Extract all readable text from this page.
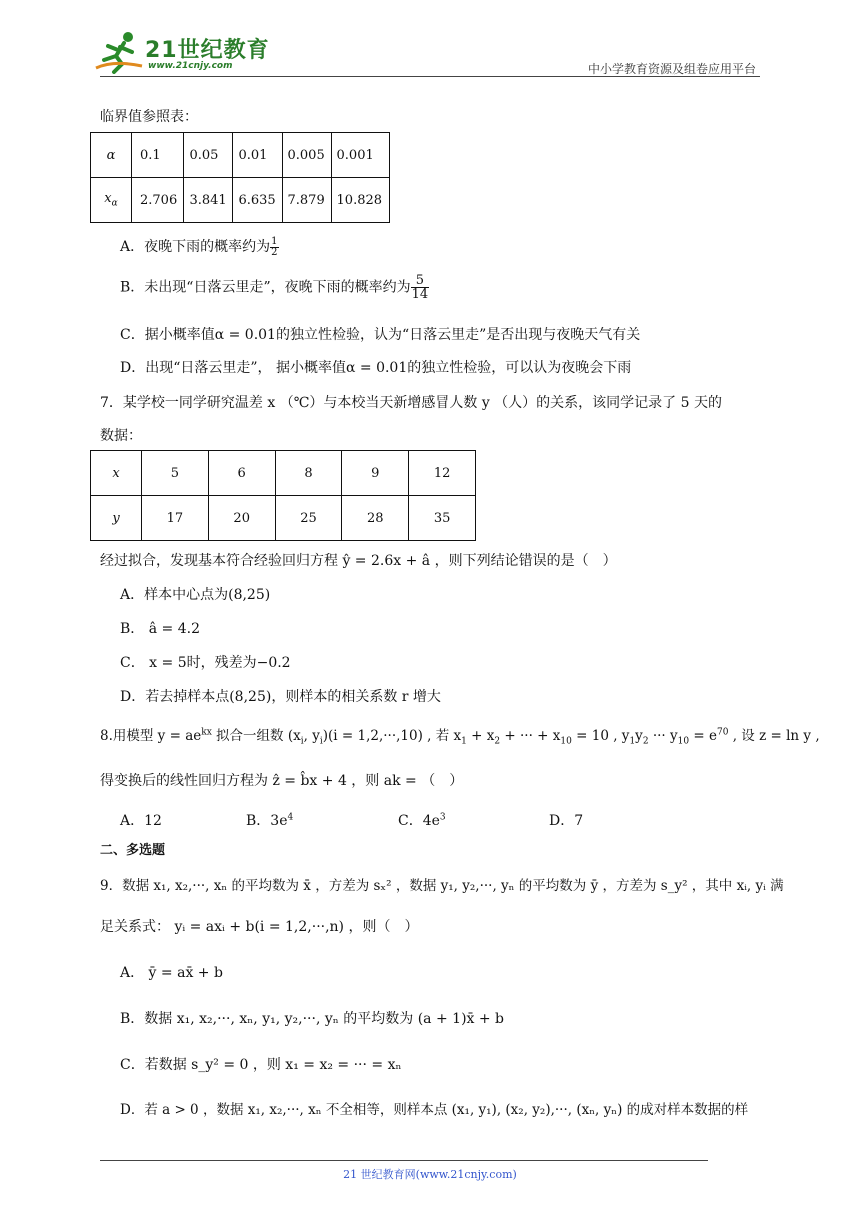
21世纪教育
www.21cnjy.com	中小学教育资源及组卷应用平台
临界值参照表：
α	0.1	0.05	0.01	0.005	0.001
$x_\alpha$	2.706	3.841	6.635	7.879	10.828
A．夜晚下雨的概率约为 $\frac{1}{2}$
B．未出现“日落云里走”，夜晚下雨的概率约为 $\frac{5}{14}$
C．据小概率值α = 0.01的独立性检验，认为“日落云里走”是否出现与夜晚天气有关
D．出现“日落云里走”， 据小概率值α = 0.01的独立性检验，可以认为夜晚会下雨
7．某学校一同学研究温差 x （℃）与本校当天新增感冒人数 y （人）的关系，该同学记录了 5 天的
数据：
x	5	6	8	9	12
y	17	20	25	28	35
经过拟合，发现基本符合经验回归方程 ŷ = 2.6x + â ，则下列结论错误的是（　）
A．样本中心点为(8,25)
B． â = 4.2
C． x = 5时，残差为−0.2
D．若去掉样本点(8,25)，则样本的相关系数 r 增大
8.用模型 $y = ae^{kx}$ 拟合一组数 ($x_i$, $y_i)(i = 1,2,\cdot\cdot\cdot,10)$ , 若 $x_1 + x_2$ + ··· + $x_{10} = 10$ , $y_1y_2$ ··· $y_{10} = e^{70}$ , 设 z = ln y ,
得变换后的线性回归方程为 ẑ = b̂x + 4 ，则 ak = （　）
A．12	B．$3e^4$	C．$4e^3$	D．7
二、多选题
9．数据 x₁, x₂,···, xₙ 的平均数为 x̄ ，方差为 sₓ² ，数据 y₁, y₂,···, yₙ 的平均数为 ȳ ，方差为 s_y² ，其中 xᵢ, yᵢ 满
足关系式： yᵢ = axᵢ + b(i = 1,2,···,n) ，则（　）
A． ȳ = ax̄ + b
B．数据 x₁, x₂,···, xₙ, y₁, y₂,···, yₙ 的平均数为 (a + 1)x̄ + b
C．若数据 s_y² = 0 ，则 x₁ = x₂ = ··· = xₙ
D．若 a > 0 ，数据 x₁, x₂,···, xₙ 不全相等，则样本点 (x₁, y₁), (x₂, y₂),···, (xₙ, yₙ) 的成对样本数据的样
21 世纪教育网(www.21cnjy.com)
